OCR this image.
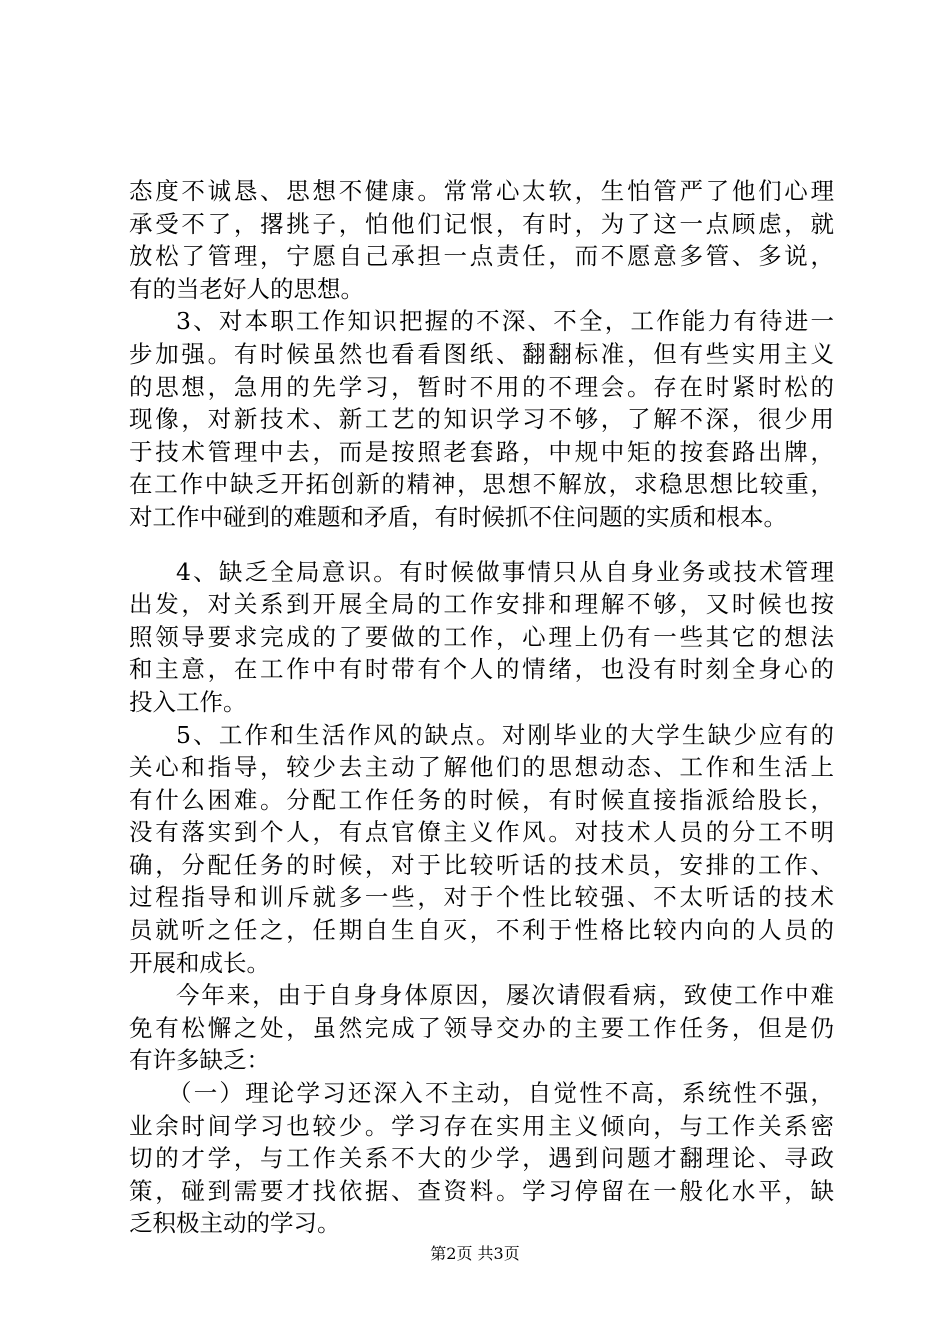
态度不诚恳、思想不健康。常常心太软，生怕管严了他们心理
承受不了，撂挑子，怕他们记恨，有时，为了这一点顾虑，就
放松了管理，宁愿自己承担一点责任，而不愿意多管、多说，
有的当老好人的思想。
3、对本职工作知识把握的不深、不全，工作能力有待进一
步加强。有时候虽然也看看图纸、翻翻标准，但有些实用主义
的思想，急用的先学习，暂时不用的不理会。存在时紧时松的
现像，对新技术、新工艺的知识学习不够，了解不深，很少用
于技术管理中去，而是按照老套路，中规中矩的按套路出牌，
在工作中缺乏开拓创新的精神，思想不解放，求稳思想比较重，
对工作中碰到的难题和矛盾，有时候抓不住问题的实质和根本。
4、缺乏全局意识。有时候做事情只从自身业务或技术管理
出发，对关系到开展全局的工作安排和理解不够，又时候也按
照领导要求完成的了要做的工作，心理上仍有一些其它的想法
和主意，在工作中有时带有个人的情绪，也没有时刻全身心的
投入工作。
5、工作和生活作风的缺点。对刚毕业的大学生缺少应有的
关心和指导，较少去主动了解他们的思想动态、工作和生活上
有什么困难。分配工作任务的时候，有时候直接指派给股长，
没有落实到个人，有点官僚主义作风。对技术人员的分工不明
确，分配任务的时候，对于比较听话的技术员，安排的工作、
过程指导和训斥就多一些，对于个性比较强、不太听话的技术
员就听之任之，任期自生自灭，不利于性格比较内向的人员的
开展和成长。
今年来，由于自身身体原因，屡次请假看病，致使工作中难
免有松懈之处，虽然完成了领导交办的主要工作任务，但是仍
有许多缺乏：
（一）理论学习还深入不主动，自觉性不高，系统性不强，
业余时间学习也较少。学习存在实用主义倾向，与工作关系密
切的才学，与工作关系不大的少学，遇到问题才翻理论、寻政
策，碰到需要才找依据、查资料。学习停留在一般化水平，缺
乏积极主动的学习。
第2页 共3页
